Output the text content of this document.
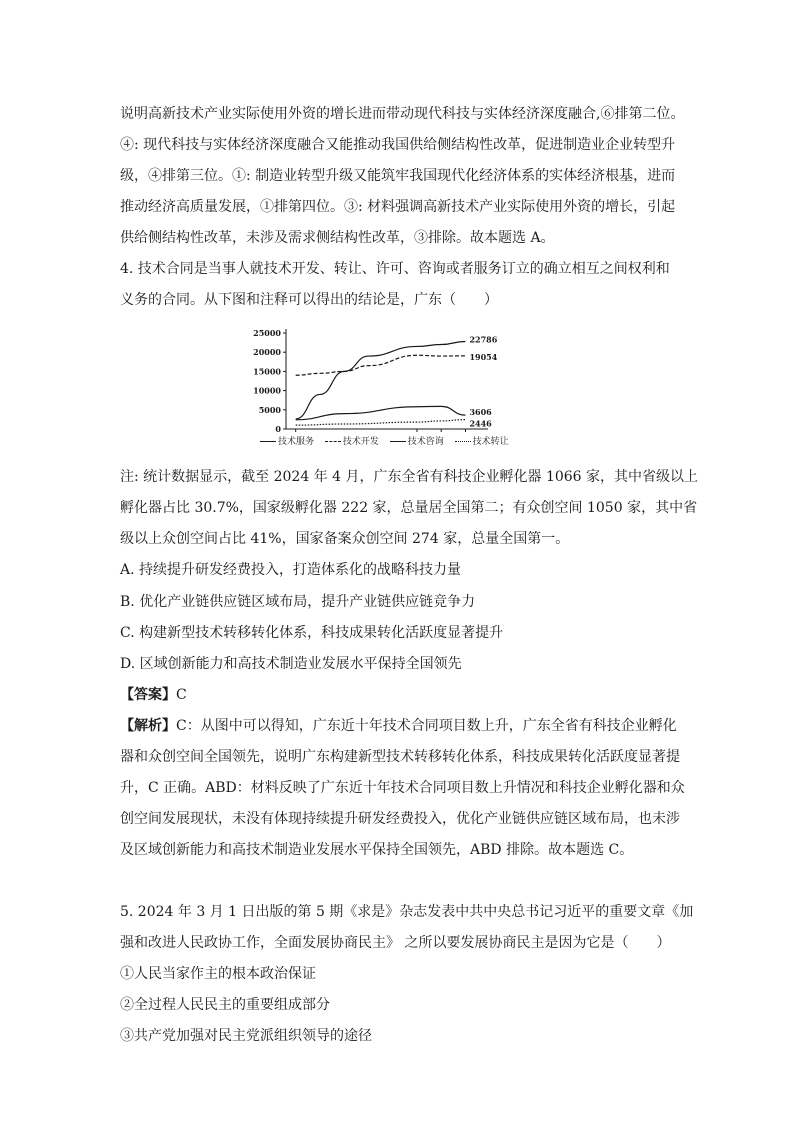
说明高新技术产业实际使用外资的增长进而带动现代科技与实体经济深度融合,⑥排第二位。
④: 现代科技与实体经济深度融合又能推动我国供给侧结构性改革，促进制造业企业转型升
级，④排第三位。①: 制造业转型升级又能筑牢我国现代化经济体系的实体经济根基，进而
推动经济高质量发展，①排第四位。③: 材料强调高新技术产业实际使用外资的增长，引起
供给侧结构性改革，未涉及需求侧结构性改革，③排除。故本题选 A。
4. 技术合同是当事人就技术开发、转让、许可、咨询或者服务订立的确立相互之间权利和
义务的合同。从下图和注释可以得出的结论是，广东（　　）
25000
20000
15000
10000
5000
0
22786
19054
3606
2446
技术服务	技术开发	技术咨询	技术转让
注: 统计数据显示，截至 2024 年 4 月，广东全省有科技企业孵化器 1066 家，其中省级以上
孵化器占比 30.7%，国家级孵化器 222 家，总量居全国第二；有众创空间 1050 家，其中省
级以上众创空间占比 41%，国家备案众创空间 274 家，总量全国第一。
A. 持续提升研发经费投入，打造体系化的战略科技力量
B. 优化产业链供应链区域布局，提升产业链供应链竞争力
C. 构建新型技术转移转化体系，科技成果转化活跃度显著提升
D. 区域创新能力和高技术制造业发展水平保持全国领先
【答案】C
【解析】C：从图中可以得知，广东近十年技术合同项目数上升，广东全省有科技企业孵化
器和众创空间全国领先，说明广东构建新型技术转移转化体系，科技成果转化活跃度显著提
升，C 正确。ABD：材料反映了广东近十年技术合同项目数上升情况和科技企业孵化器和众
创空间发展现状，未没有体现持续提升研发经费投入，优化产业链供应链区域布局，也未涉
及区域创新能力和高技术制造业发展水平保持全国领先，ABD 排除。故本题选 C。
5. 2024 年 3 月 1 日出版的第 5 期《求是》杂志发表中共中央总书记习近平的重要文章《加
强和改进人民政协工作，全面发展协商民主》 之所以要发展协商民主是因为它是（　　）
①人民当家作主的根本政治保证
②全过程人民民主的重要组成部分
③共产党加强对民主党派组织领导的途径
